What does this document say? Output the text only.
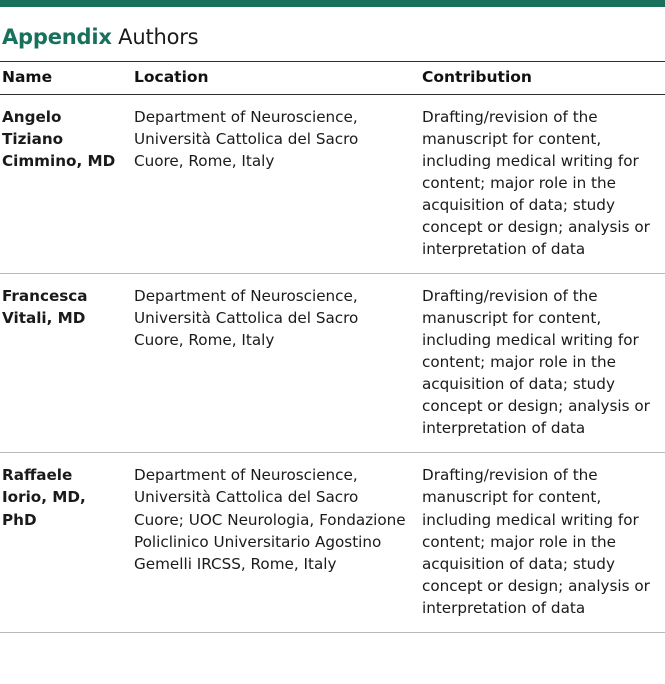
Appendix Authors
Name	Location	Contribution
Angelo Tiziano Cimmino, MD	Department of Neuroscience, Università Cattolica del Sacro Cuore, Rome, Italy	Drafting/revision of the manuscript for content, including medical writing for content; major role in the acquisition of data; study concept or design; analysis or interpretation of data
Francesca Vitali, MD	Department of Neuroscience, Università Cattolica del Sacro Cuore, Rome, Italy	Drafting/revision of the manuscript for content, including medical writing for content; major role in the acquisition of data; study concept or design; analysis or interpretation of data
Raffaele Iorio, MD, PhD	Department of Neuroscience, Università Cattolica del Sacro Cuore; UOC Neurologia, Fondazione Policlinico Universitario Agostino Gemelli IRCSS, Rome, Italy	Drafting/revision of the manuscript for content, including medical writing for content; major role in the acquisition of data; study concept or design; analysis or interpretation of data
